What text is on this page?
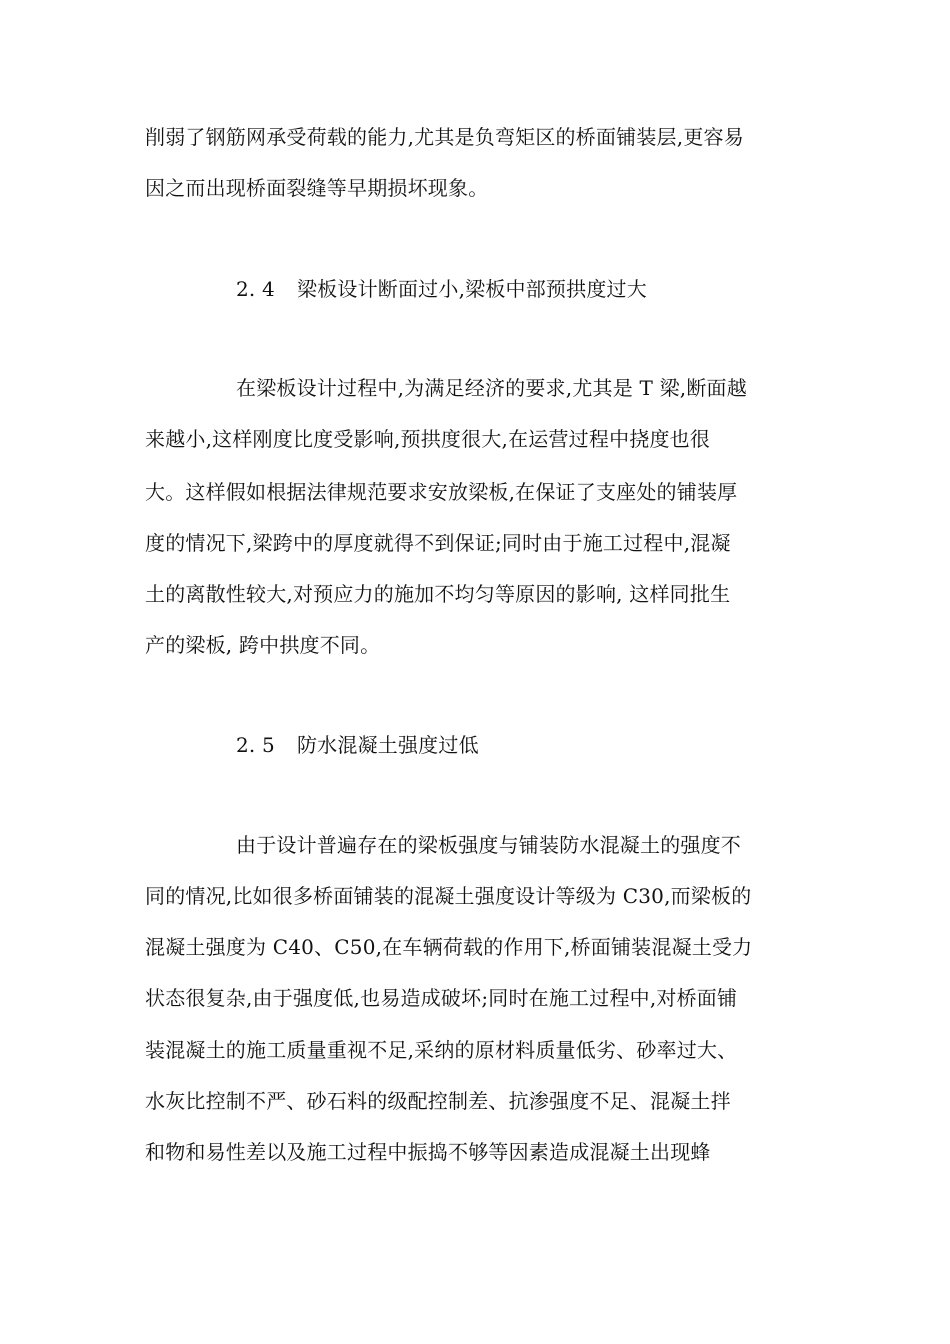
削弱了钢筋网承受荷载的能力,尤其是负弯矩区的桥面铺装层,更容易
因之而出现桥面裂缝等早期损坏现象。
2. 4 梁板设计断面过小,梁板中部预拱度过大
在梁板设计过程中,为满足经济的要求,尤其是 T 梁,断面越
来越小,这样刚度比度受影响,预拱度很大,在运营过程中挠度也很
大。这样假如根据法律规范要求安放梁板,在保证了支座处的铺装厚
度的情况下,梁跨中的厚度就得不到保证;同时由于施工过程中,混凝
土的离散性较大,对预应力的施加不均匀等原因的影响, 这样同批生
产的梁板, 跨中拱度不同。
2. 5 防水混凝土强度过低
由于设计普遍存在的梁板强度与铺装防水混凝土的强度不
同的情况,比如很多桥面铺装的混凝土强度设计等级为 C30,而梁板的
混凝土强度为 C40、C50,在车辆荷载的作用下,桥面铺装混凝土受力
状态很复杂,由于强度低,也易造成破坏;同时在施工过程中,对桥面铺
装混凝土的施工质量重视不足,采纳的原材料质量低劣、砂率过大、
水灰比控制不严、砂石料的级配控制差、抗渗强度不足、混凝土拌
和物和易性差以及施工过程中振捣不够等因素造成混凝土出现蜂
